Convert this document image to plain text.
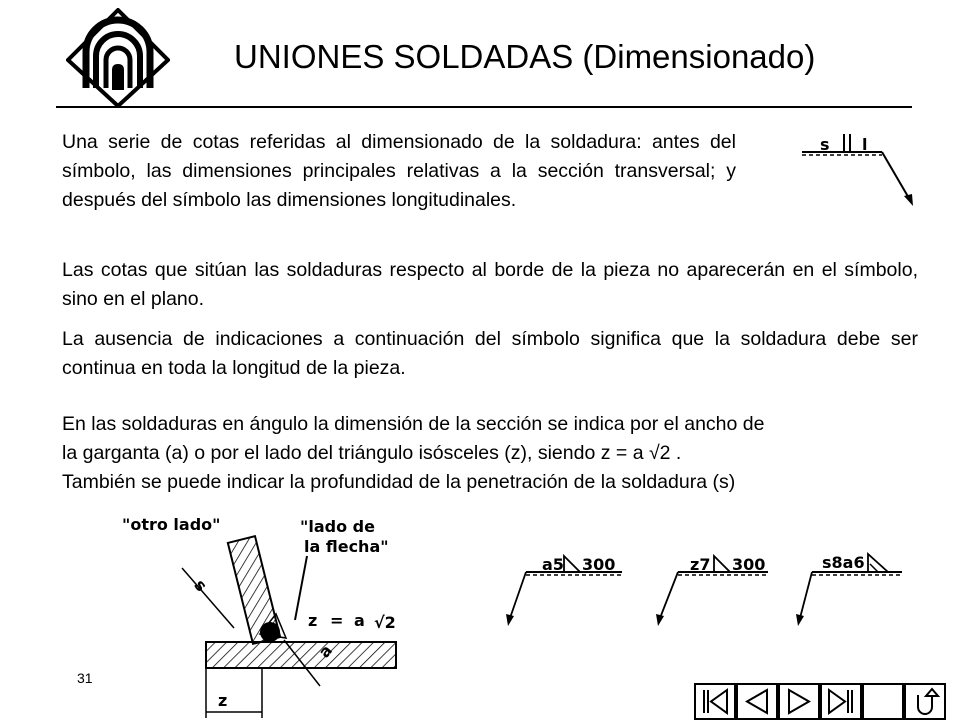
UNIONES SOLDADAS (Dimensionado)
Una serie de cotas referidas al dimensionado de la soldadura: antes del símbolo, las dimensiones principales relativas a la sección transversal; y después del símbolo las dimensiones longitudinales.
s l
Las cotas que sitúan las soldaduras respecto al borde de la pieza no aparecerán en el símbolo, sino en el plano.
La ausencia de indicaciones a continuación del símbolo significa que la soldadura debe ser continua en toda la longitud de la pieza.
En las soldaduras en ángulo la dimensión de la sección se indica por el ancho de
la garganta (a) o por el lado del triángulo isósceles (z), siendo z = a √2 .
También se puede indicar la profundidad de la penetración de la soldadura (s)
"otro lado"	"lado de
la flecha"
s
z = a √2
a
z
a5 300	z7 300	s8a6
31
